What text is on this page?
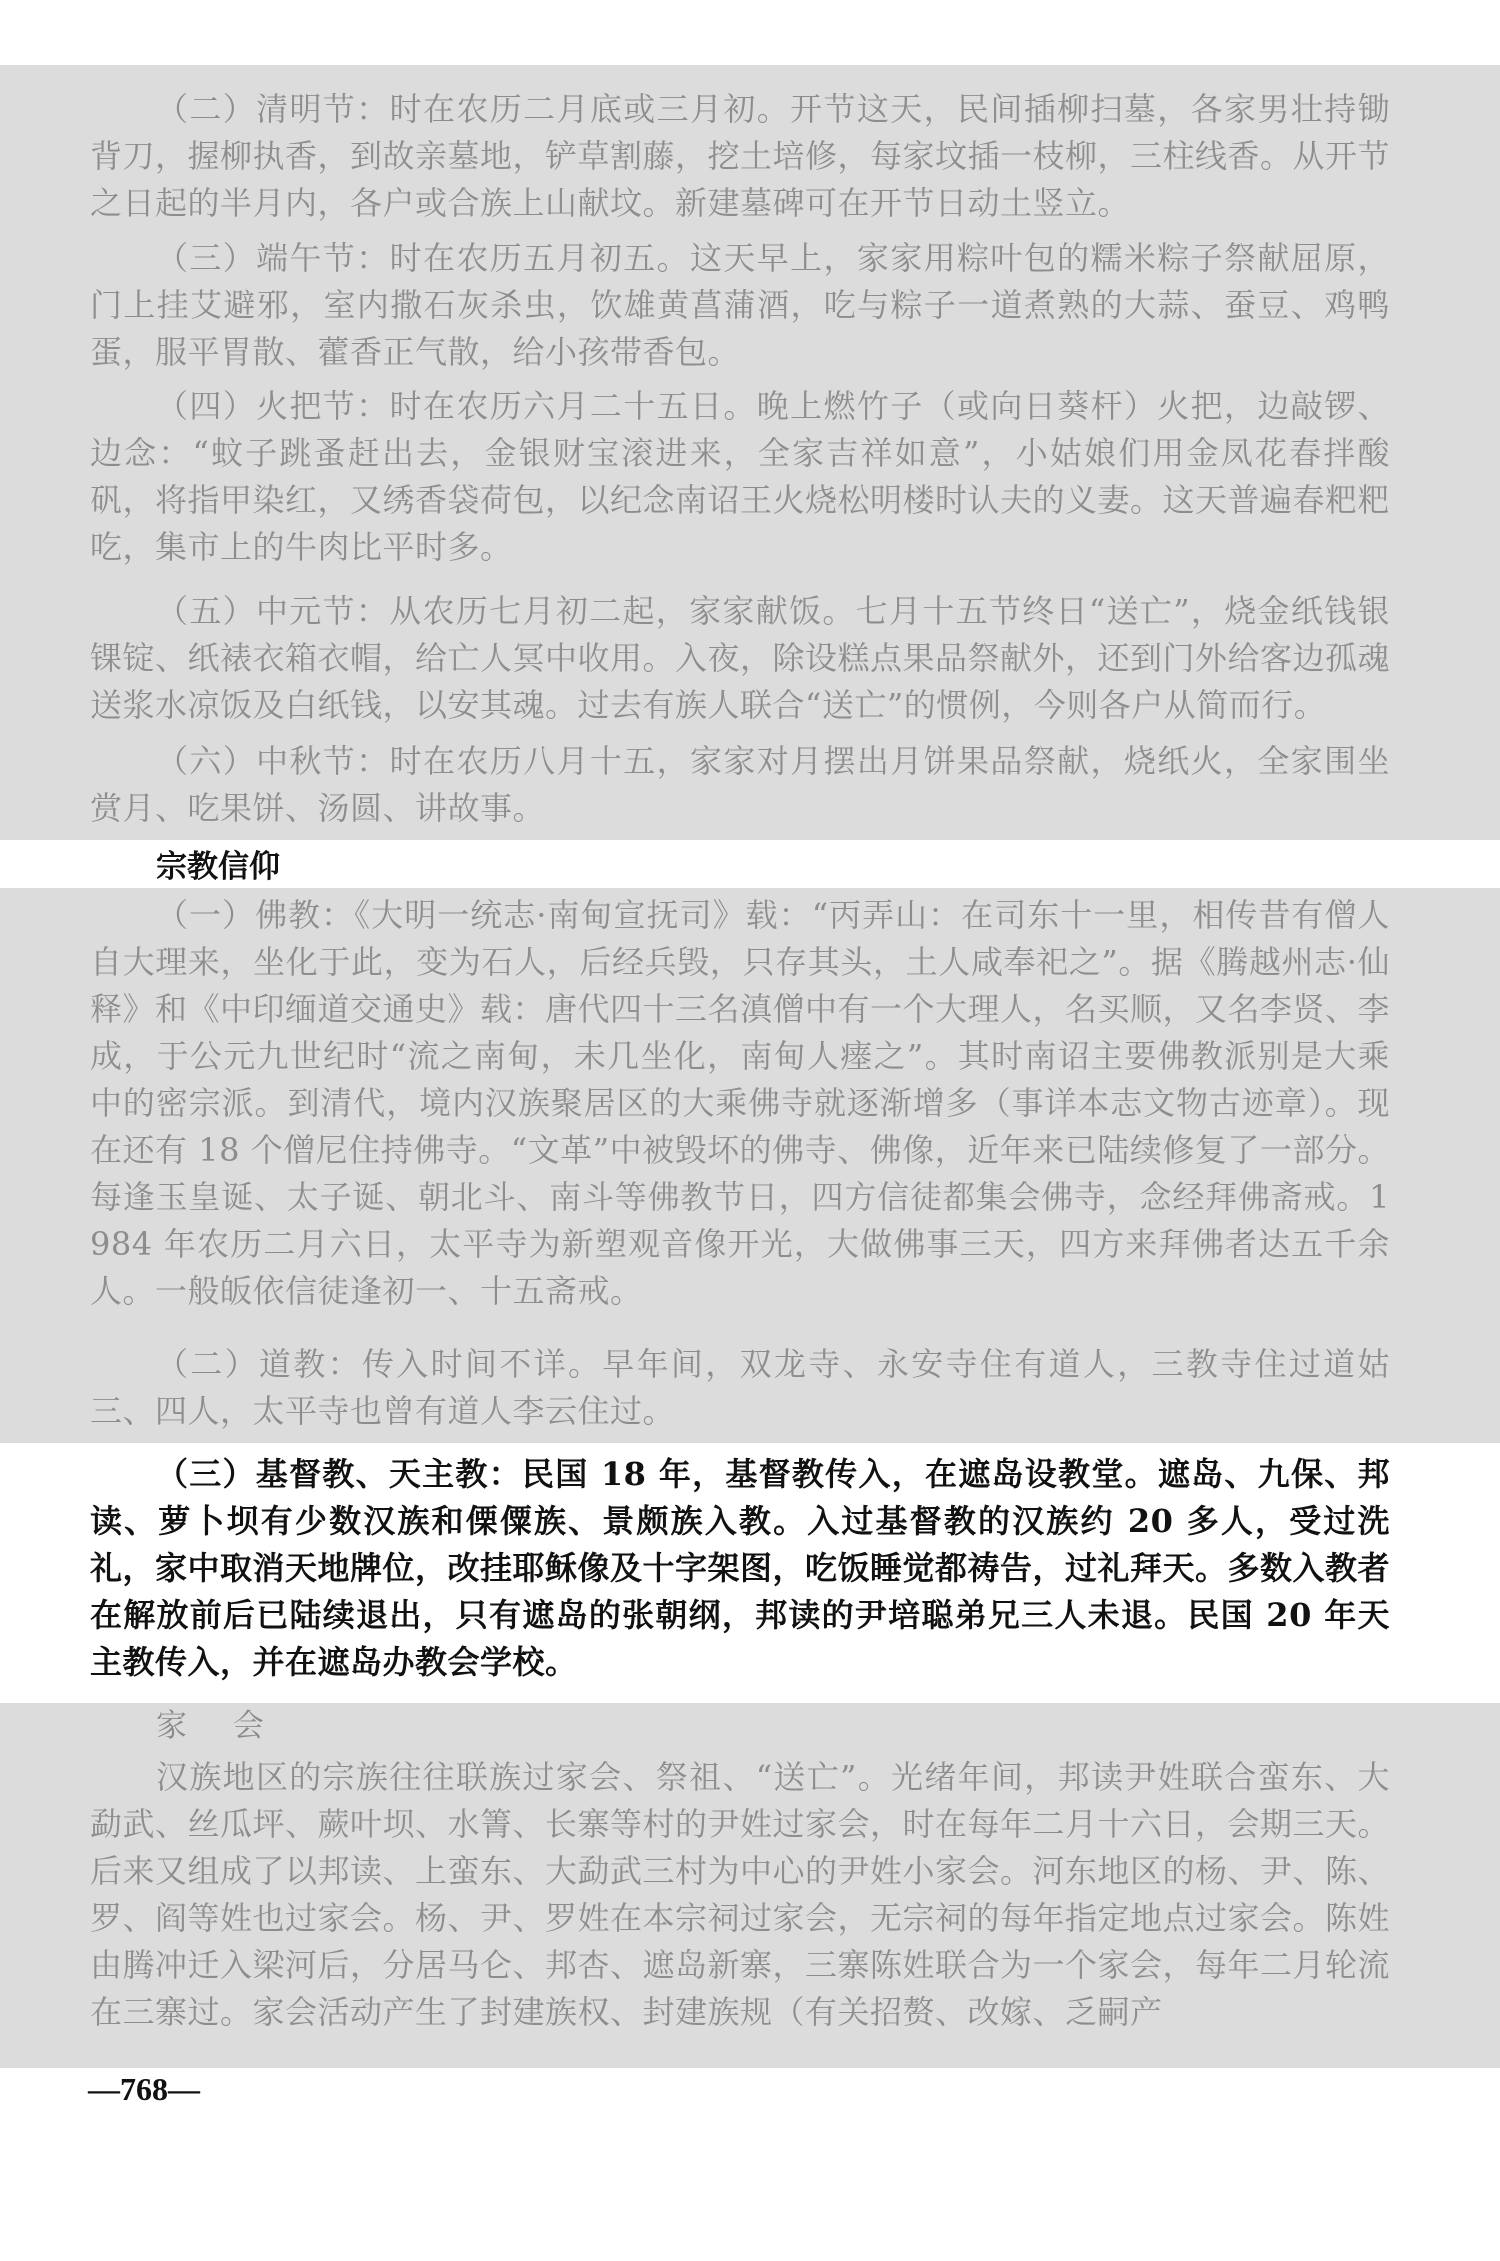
（二）清明节：时在农历二月底或三月初。开节这天，民间插柳扫墓，各家男壮持锄背刀，握柳执香，到故亲墓地，铲草割藤，挖土培修，每家坟插一枝柳，三柱线香。从开节之日起的半月内，各户或合族上山献坟。新建墓碑可在开节日动土竖立。

（三）端午节：时在农历五月初五。这天早上，家家用粽叶包的糯米粽子祭献屈原，门上挂艾避邪，室内撒石灰杀虫，饮雄黄菖蒲酒，吃与粽子一道煮熟的大蒜、蚕豆、鸡鸭蛋，服平胃散、藿香正气散，给小孩带香包。

（四）火把节：时在农历六月二十五日。晚上燃竹子（或向日葵杆）火把，边敲锣、边念：“蚊子跳蚤赶出去，金银财宝滚进来，全家吉祥如意”，小姑娘们用金凤花春拌酸矾，将指甲染红，又绣香袋荷包，以纪念南诏王火烧松明楼时认夫的义妻。这天普遍春粑粑吃，集市上的牛肉比平时多。

（五）中元节：从农历七月初二起，家家献饭。七月十五节终日“送亡”，烧金纸钱银锞锭、纸裱衣箱衣帽，给亡人冥中收用。入夜，除设糕点果品祭献外，还到门外给客边孤魂送浆水凉饭及白纸钱，以安其魂。过去有族人联合“送亡”的惯例，今则各户从简而行。

（六）中秋节：时在农历八月十五，家家对月摆出月饼果品祭献，烧纸火，全家围坐赏月、吃果饼、汤圆、讲故事。

宗教信仰

（一）佛教：《大明一统志·南甸宣抚司》载：“丙弄山：在司东十一里，相传昔有僧人自大理来，坐化于此，变为石人，后经兵毁，只存其头，土人咸奉祀之”。据《腾越州志·仙释》和《中印缅道交通史》载：唐代四十三名滇僧中有一个大理人，名买顺，又名李贤、李成，于公元九世纪时“流之南甸，未几坐化，南甸人瘗之”。其时南诏主要佛教派别是大乘中的密宗派。到清代，境内汉族聚居区的大乘佛寺就逐渐增多（事详本志文物古迹章）。现在还有 18 个僧尼住持佛寺。“文革”中被毁坏的佛寺、佛像，近年来已陆续修复了一部分。每逢玉皇诞、太子诞、朝北斗、南斗等佛教节日，四方信徒都集会佛寺，念经拜佛斋戒。1984 年农历二月六日，太平寺为新塑观音像开光，大做佛事三天，四方来拜佛者达五千余人。一般皈依信徒逢初一、十五斋戒。

（二）道教：传入时间不详。早年间，双龙寺、永安寺住有道人，三教寺住过道姑三、四人，太平寺也曾有道人李云住过。

（三）基督教、天主教：民国 18 年，基督教传入，在遮岛设教堂。遮岛、九保、邦读、萝卜坝有少数汉族和傈僳族、景颇族入教。入过基督教的汉族约 20 多人，受过洗礼，家中取消天地牌位，改挂耶稣像及十字架图，吃饭睡觉都祷告，过礼拜天。多数入教者在解放前后已陆续退出，只有遮岛的张朝纲，邦读的尹培聪弟兄三人未退。民国 20 年天主教传入，并在遮岛办教会学校。

家 会

汉族地区的宗族往往联族过家会、祭祖、“送亡”。光绪年间，邦读尹姓联合蛮东、大勐武、丝瓜坪、蕨叶坝、水箐、长寨等村的尹姓过家会，时在每年二月十六日，会期三天。后来又组成了以邦读、上蛮东、大勐武三村为中心的尹姓小家会。河东地区的杨、尹、陈、罗、阎等姓也过家会。杨、尹、罗姓在本宗祠过家会，无宗祠的每年指定地点过家会。陈姓由腾冲迁入梁河后，分居马仑、邦杏、遮岛新寨，三寨陈姓联合为一个家会，每年二月轮流在三寨过。家会活动产生了封建族权、封建族规（有关招赘、改嫁、乏嗣产

—768—
